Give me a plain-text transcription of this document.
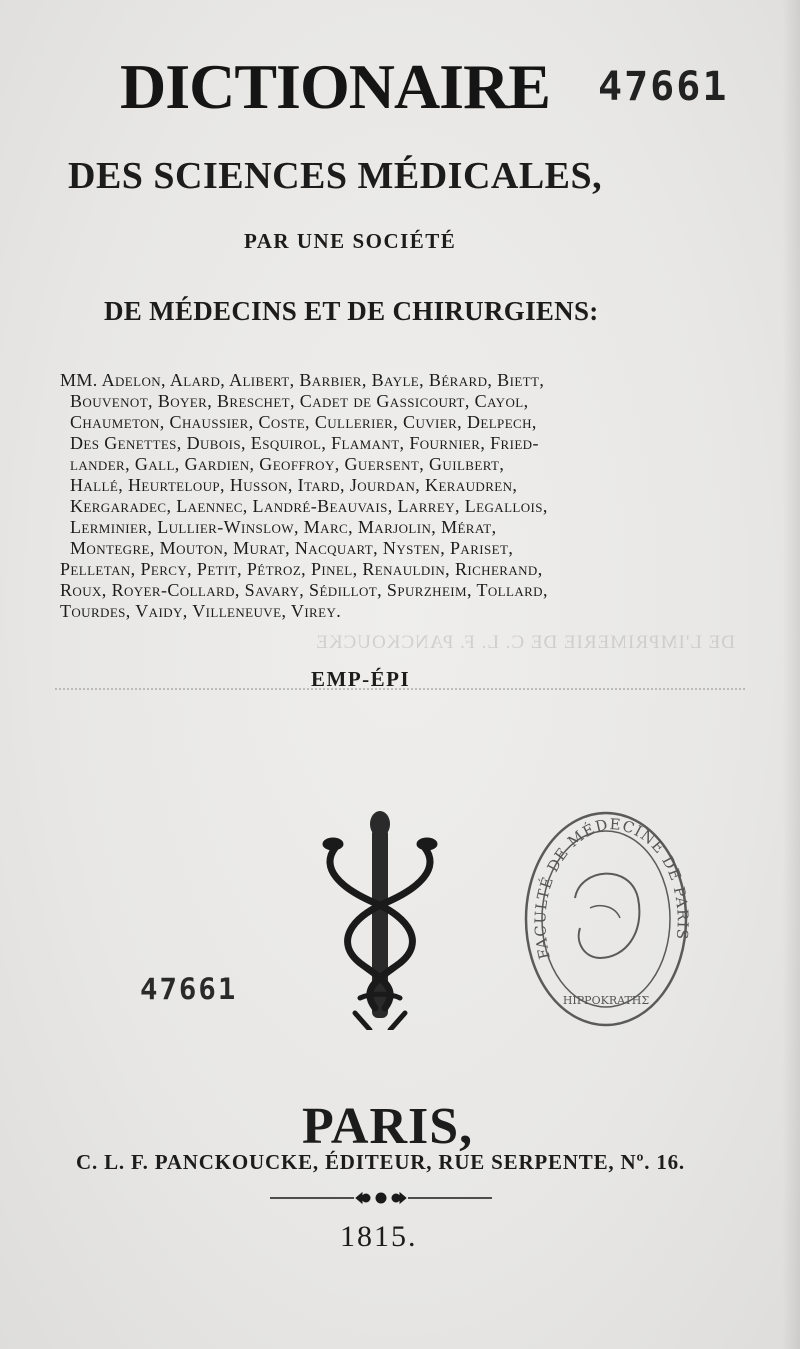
DE L'IMPRIMERIE DE C. L. F. PANCKOUCKE
DICTIONAIRE	47661
DES SCIENCES MÉDICALES,
PAR UNE SOCIÉTÉ
DE MÉDECINS ET DE CHIRURGIENS:
MM. Adelon, Alard, Alibert, Barbier, Bayle, Bérard, Biett,
Bouvenot, Boyer, Breschet, Cadet de Gassicourt, Cayol,
Chaumeton, Chaussier, Coste, Cullerier, Cuvier, Delpech,
Des Genettes, Dubois, Esquirol, Flamant, Fournier, Fried-
lander, Gall, Gardien, Geoffroy, Guersent, Guilbert,
Hallé, Heurteloup, Husson, Itard, Jourdan, Keraudren,
Kergaradec, Laennec, Landré-Beauvais, Larrey, Legallois,
Lerminier, Lullier-Winslow, Marc, Marjolin, Mérat,
Montegre, Mouton, Murat, Nacquart, Nysten, Pariset,
Pelletan, Percy, Petit, Pétroz, Pinel, Renauldin, Richerand,
Roux, Royer-Collard, Savary, Sédillot, Spurzheim, Tollard,
Tourdes, Vaidy, Villeneuve, Virey.
EMP-ÉPI
47661
FACULTÉ DE MÉDECINE DE PARIS
HIPPOKRATHΣ
PARIS,
C. L. F. PANCKOUCKE, ÉDITEUR, RUE SERPENTE, Nº. 16.
1815.
